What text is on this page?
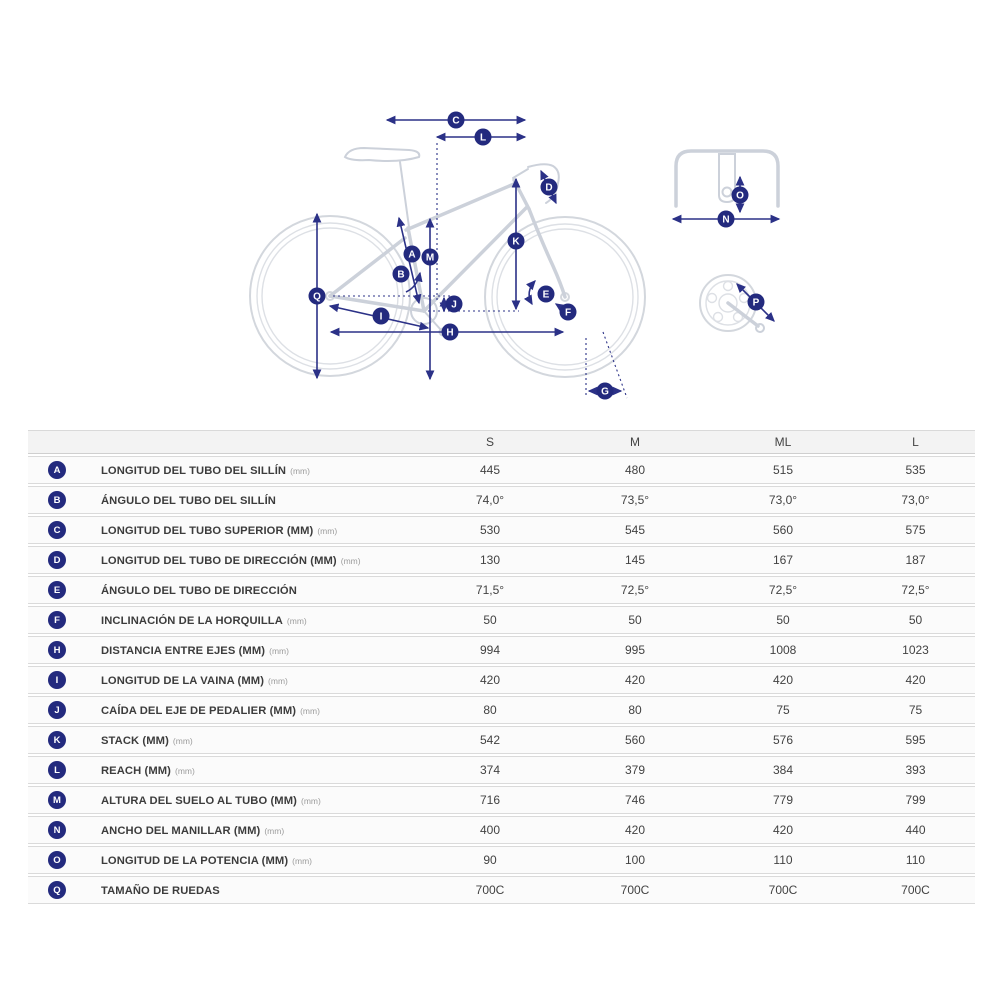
A
B
C
D
E
F
G
H
I
J
K
L
M
N
O
P
Q
		S	M	ML	L
A	LONGITUD DEL TUBO DEL SILLÍN (mm)	445	480	515	535
B	ÁNGULO DEL TUBO DEL SILLÍN	74,0°	73,5°	73,0°	73,0°
C	LONGITUD DEL TUBO SUPERIOR (MM) (mm)	530	545	560	575
D	LONGITUD DEL TUBO DE DIRECCIÓN (MM) (mm)	130	145	167	187
E	ÁNGULO DEL TUBO DE DIRECCIÓN	71,5°	72,5°	72,5°	72,5°
F	INCLINACIÓN DE LA HORQUILLA (mm)	50	50	50	50
H	DISTANCIA ENTRE EJES (MM) (mm)	994	995	1008	1023
I	LONGITUD DE LA VAINA (MM) (mm)	420	420	420	420
J	CAÍDA DEL EJE DE PEDALIER (MM) (mm)	80	80	75	75
K	STACK (MM) (mm)	542	560	576	595
L	REACH (MM) (mm)	374	379	384	393
M	ALTURA DEL SUELO AL TUBO (MM) (mm)	716	746	779	799
N	ANCHO DEL MANILLAR (MM) (mm)	400	420	420	440
O	LONGITUD DE LA POTENCIA (MM) (mm)	90	100	110	110
Q	TAMAÑO DE RUEDAS	700C	700C	700C	700C
